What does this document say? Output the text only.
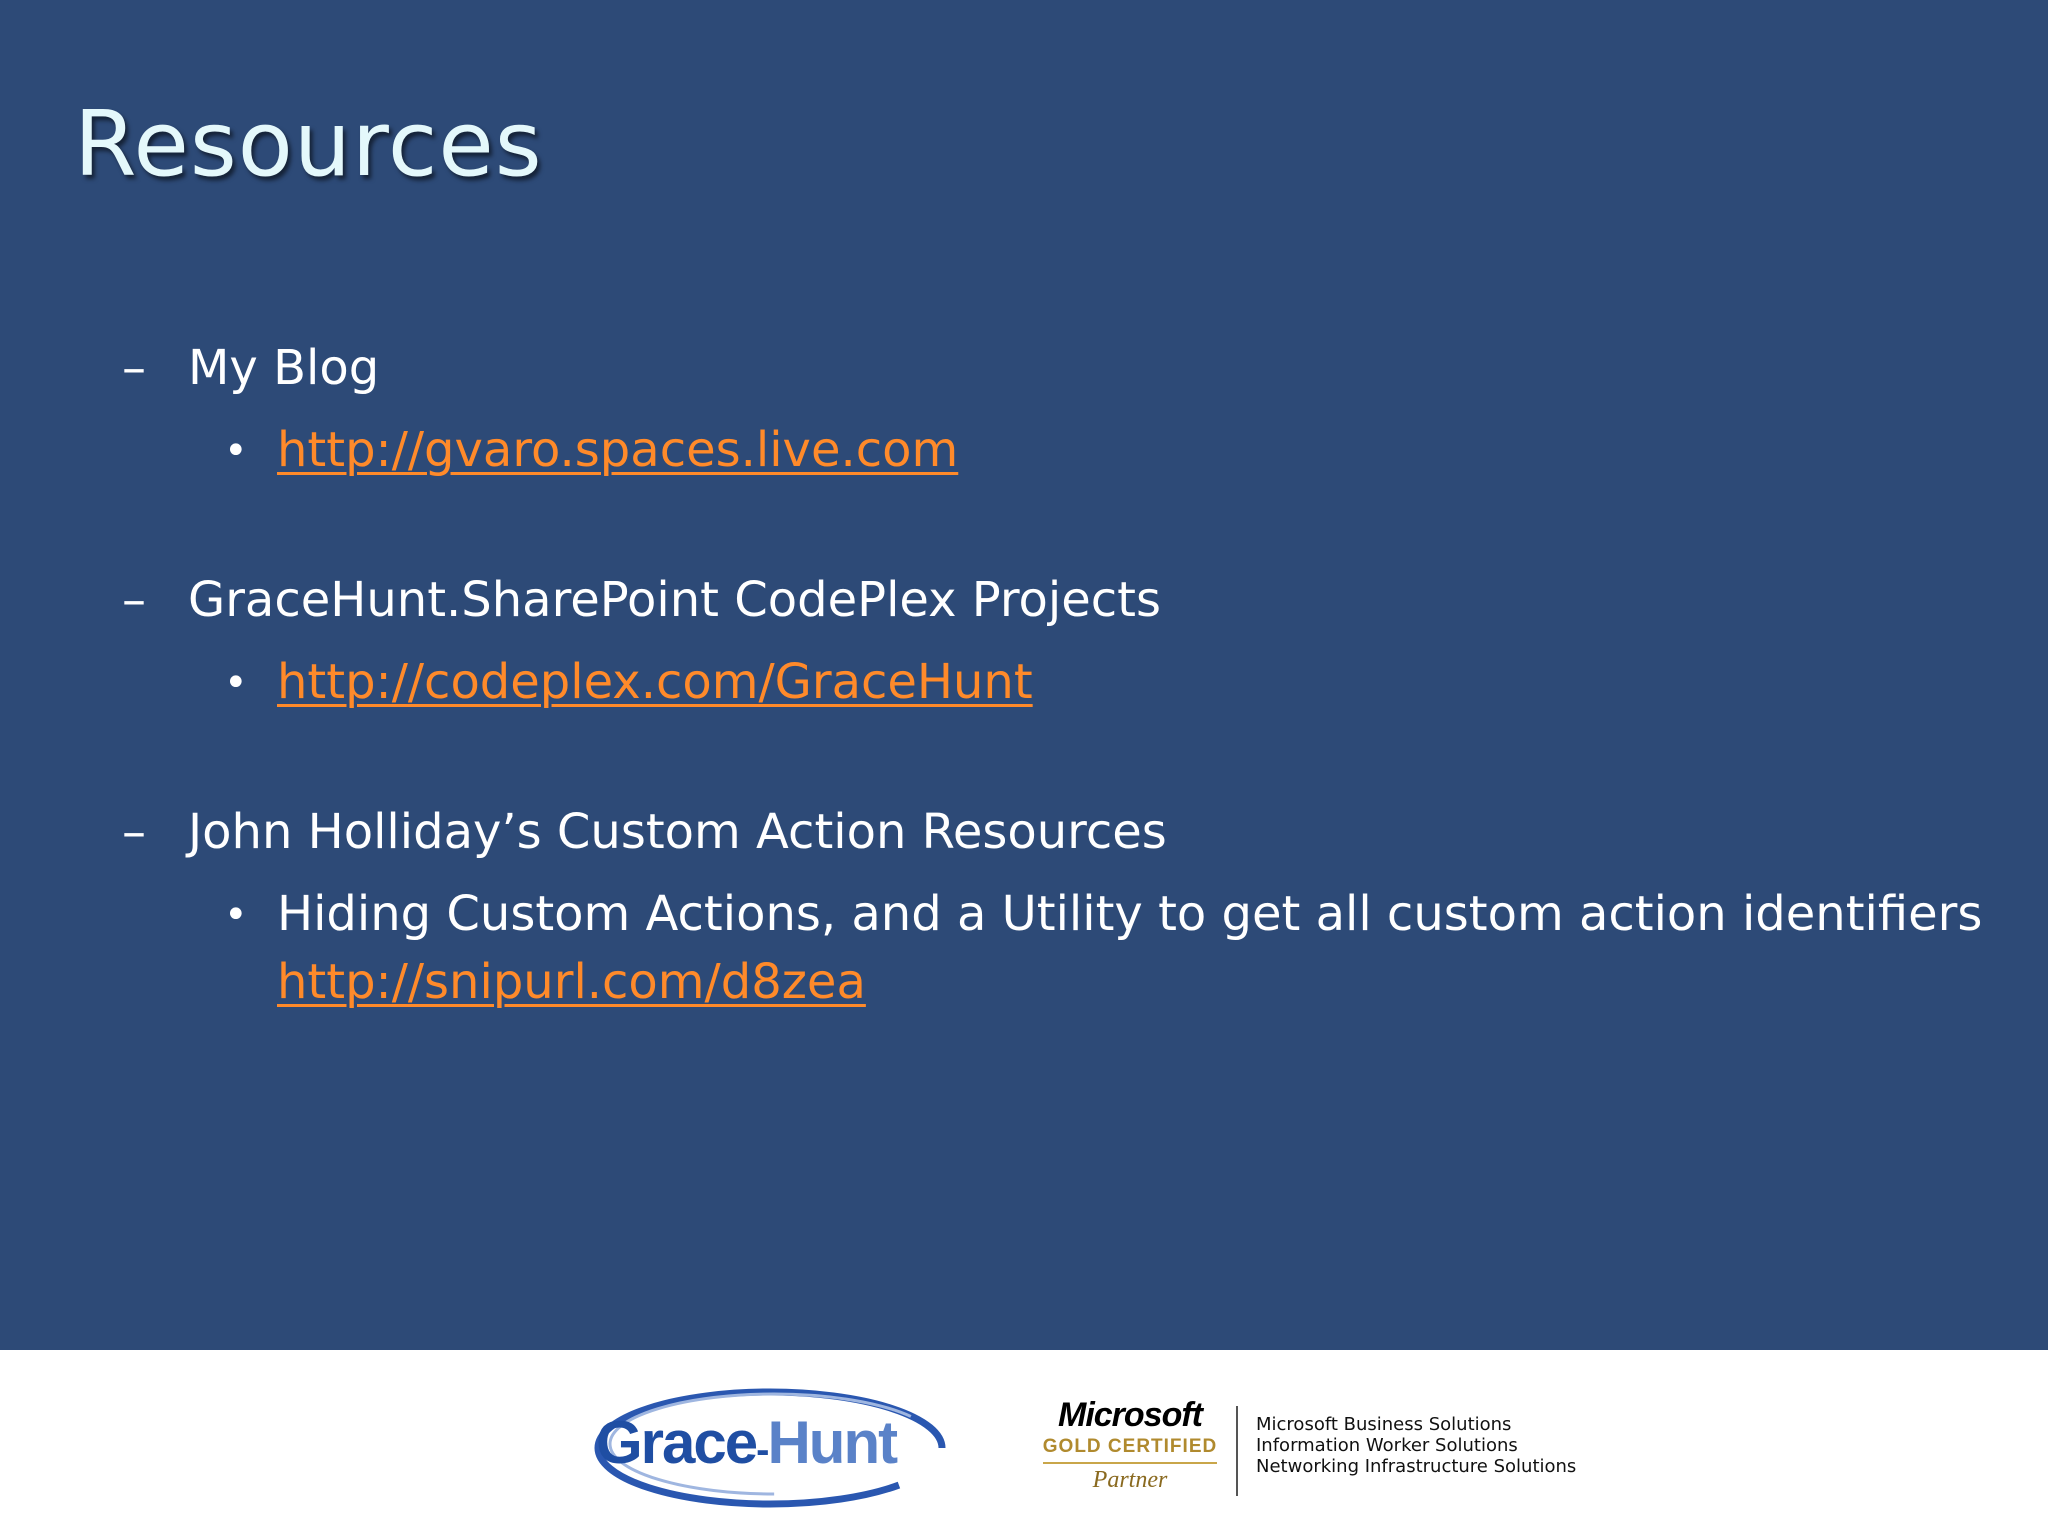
Resources
– My Blog
• http://gvaro.spaces.live.com
– GraceHunt.SharePoint CodePlex Projects
• http://codeplex.com/GraceHunt
– John Holliday’s Custom Action Resources
• Hiding Custom Actions, and a Utility to get all custom action identifiers
http://snipurl.com/d8zea
Grace-Hunt	Microsoft
GOLD CERTIFIED
Partner
Microsoft Business Solutions
Information Worker Solutions
Networking Infrastructure Solutions
